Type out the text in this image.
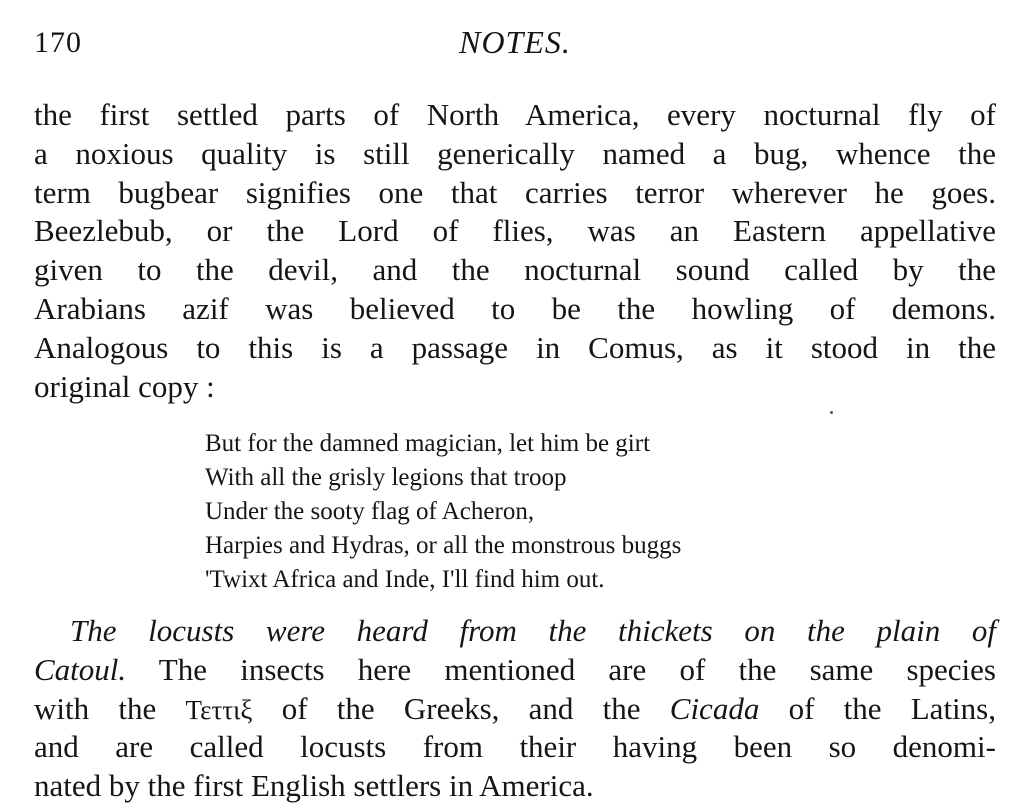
170	NOTES.
the first settled parts of North America, every nocturnal fly of
a noxious quality is still generically named a bug, whence the
term bugbear signifies one that carries terror wherever he goes.
Beezlebub, or the Lord of flies, was an Eastern appellative
given to the devil, and the nocturnal sound called by the
Arabians azif was believed to be the howling of demons.
Analogous to this is a passage in Comus, as it stood in the
original copy :
But for the damned magician, let him be girt
With all the grisly legions that troop
Under the sooty flag of Acheron,
Harpies and Hydras, or all the monstrous buggs
'Twixt Africa and Inde, I'll find him out.
The locusts were heard from the thickets on the plain of
Catoul. The insects here mentioned are of the same species
with the Τεττιξ of the Greeks, and the Cicada of the Latins,
and are called locusts from their having been so denomi-
nated by the first English settlers in America.
